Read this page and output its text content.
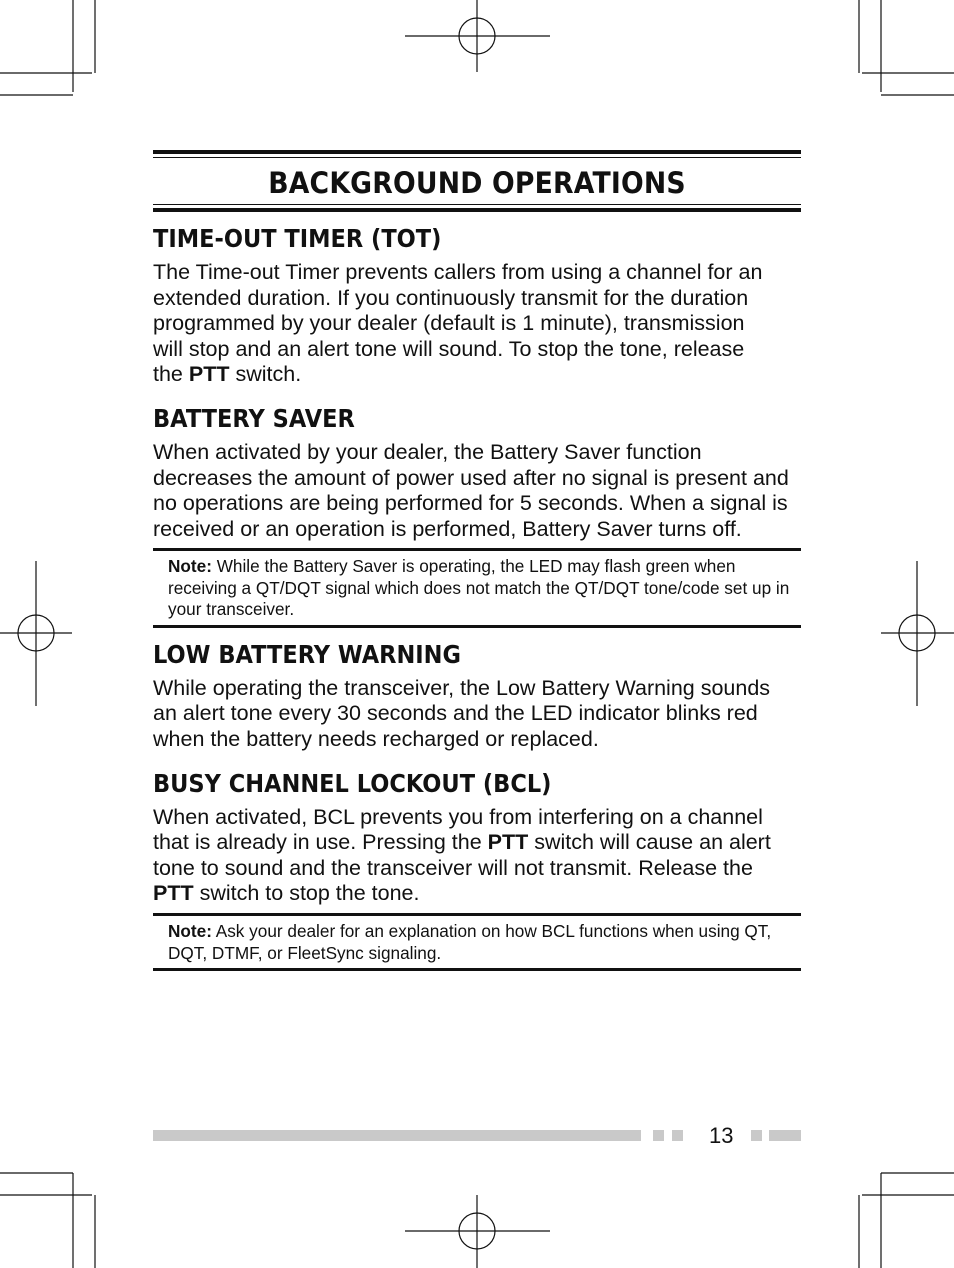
BACKGROUND OPERATIONS
TIME-OUT TIMER (TOT)

The Time-out Timer prevents callers from using a channel for an extended duration. If you continuously transmit for the duration programmed by your dealer (default is 1 minute), transmission will stop and an alert tone will sound. To stop the tone, release the PTT switch.

BATTERY SAVER

When activated by your dealer, the Battery Saver function decreases the amount of power used after no signal is present and no operations are being performed for 5 seconds. When a signal is received or an operation is performed, Battery Saver turns off.

Note: While the Battery Saver is operating, the LED may flash green when receiving a QT/DQT signal which does not match the QT/DQT tone/code set up in your transceiver.
LOW BATTERY WARNING

While operating the transceiver, the Low Battery Warning sounds an alert tone every 30 seconds and the LED indicator blinks red when the battery needs recharged or replaced.

BUSY CHANNEL LOCKOUT (BCL)

When activated, BCL prevents you from interfering on a channel that is already in use. Pressing the PTT switch will cause an alert tone to sound and the transceiver will not transmit. Release the PTT switch to stop the tone.

Note: Ask your dealer for an explanation on how BCL functions when using QT, DQT, DTMF, or FleetSync signaling.
13
